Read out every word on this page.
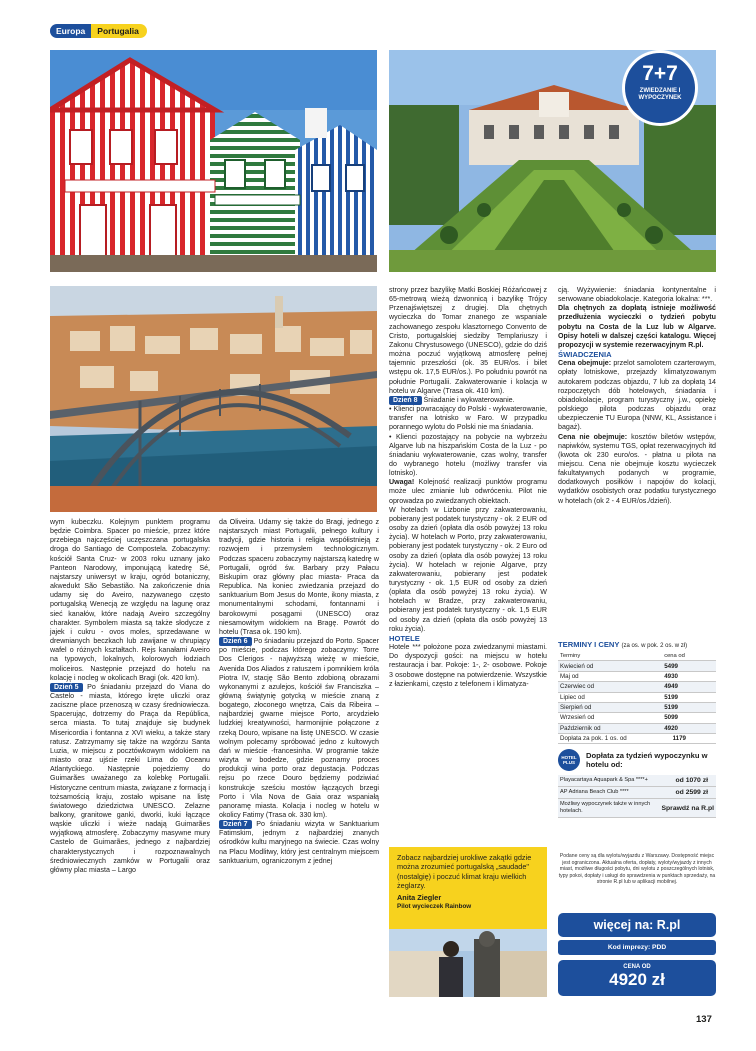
Europa	Portugalia
7+7
ZWIEDZANIE I WYPOCZYNEK

wym kubeczku. Kolejnym punktem programu będzie Coimbra. Spacer po mieście, przez które przebiega najczęściej uczęszczana portugalska droga do Santiago de Compostela. Zobaczymy: kościół Santa Cruz- w 2003 roku uznany jako Panteon Narodowy, imponującą katedrę Sé, najstarszy uniwersyt w kraju, ogród botaniczny, akwedukt São Sebastião. Na zakończenie dnia udamy się do Aveiro, nazywanego często portugalską Wenecją ze względu na lagunę oraz sieć kanałów, które nadają Aveiro szczególny charakter. Symbolem miasta są także słodycze z jajek i cukru - ovos moles, sprzedawane w drewnianych beczkach lub zawijane w chrupiący wafel o różnych kształtach. Rejs kanałami Aveiro na typowych, lokalnych, kolorowych łodziach moliceiros. Następnie przejazd do hotelu na kolację i nocleg w okolicach Bragi (ok. 420 km).

Dzień 5 Po śniadaniu przejazd do Viana do Castelo - miasta, którego kręte uliczki oraz zaciszne place przenoszą w czasy średniowiecza. Spacerując, dotrzemy do Praça da República, serca miasta. To tutaj znajduje się budynek Misericordia i fontanna z XVI wieku, a także stary ratusz. Zatrzymamy się także na wzgórzu Santa Luzia, w miejscu z pocztówkowym widokiem na miasto oraz ujście rzeki Lima do Oceanu Atlantyckiego. Następnie pojedziemy do Guimarães uważanego za kolebkę Portugalii. Historyczne centrum miasta, związane z formacją i tożsamością kraju, zostało wpisane na listę światowego dziedzictwa UNESCO. Zelazne balkony, granitowe ganki, dworki, kuki łączące wąskie uliczki i wieże nadają Guimarães wyjątkową atmosferę. Zobaczymy masywne mury Castelo de Guimarães, jednego z najbardziej charakterystycznych i rozpoznawalnych średniowiecznych zamków w Portugalii oraz główny plac miasta – Largo

da Oliveira. Udamy się także do Bragi, jednego z najstarszych miast Portugalii, pełnego kultury i tradycji, gdzie historia i religia współistnieją z rozwojem i przemysłem technologicznym. Podczas spaceru zobaczymy najstarszą katedrę w Portugalii, ogród św. Barbary przy Pałacu Biskupim oraz główny plac miasta- Praca da Republica. Na koniec zwiedzania przejazd do sanktuarium Bom Jesus do Monte, ikony miasta, z monumentalnymi schodami, fontannami i barokowymi posągami (UNESCO) oraz niesamowitym widokiem na Bragę. Powrót do hotelu (Trasa ok. 190 km).

Dzień 6 Po śniadaniu przejazd do Porto. Spacer po mieście, podczas którego zobaczymy: Torre Dos Clerigos - najwyższą wieżę w mieście, Avenida Dos Aliados z ratuszem i pomnikiem króla Piotra IV, stację São Bento zdobioną obrazami wykonanymi z azulejos, kościół św Franciszka –główną świątynię gotycką w mieście znaną z bogatego, złoconego wnętrza, Cais da Ribeira – najbardziej gwarne miejsce Porto, arcydzieło ludzkiej kreatywności, harmonijnie połączone z rzeką Douro, wpisane na listę UNESCO. W czasie wolnym polecamy spróbować jedno z kultowych dań w mieście -francesinha. W programie także wizyta w bodedze, gdzie poznamy proces produkcji wina porto oraz degustacja. Podczas rejsu po rzece Douro będziemy podziwiać konstrukcje sześciu mostów łączących brzegi Porto i Vila Nova de Gaia oraz wspaniałą panoramę miasta. Kolacja i nocleg w hotelu w okolicy Fatimy (Trasa ok. 330 km).

Dzień 7 Po śniadaniu wizyta w Sanktuarium Fatimskim, jednym z najbardziej znanych ośrodków kultu maryjnego na świecie. Czas wolny na Placu Modlitwy, który jest centralnym miejscem sanktuarium, ograniczonym z jednej

strony przez bazylikę Matki Boskiej Różańcowej z 65-metrową wieżą dzwonnicą i bazylikę Trójcy Przenajświętszej z drugiej. Dla chętnych wycieczka do Tomar znanego ze wspaniale zachowanego zespołu klasztornego Convento de Cristo, portugalskiej siedziby Templariuszy i Zakonu Chrystusowego (UNESCO), gdzie do dziś można poczuć wyjątkową atmosferę pełnej tajemnic przeszłości (ok. 35 EUR/os. i bilet wstępu ok. 17,5 EUR/os.). Po południu powrót na południe Portugalii. Zakwaterowanie i kolacja w hotelu w Algarve (Trasa ok. 410 km).

Dzień 8 Śniadanie i wykwaterowanie.

• Klienci powracający do Polski - wykwaterowanie, transfer na lotnisko w Faro. W przypadku porannego wylotu do Polski nie ma śniadania.

• Klienci pozostający na pobycie na wybrzeżu Algarve lub na hiszpańskim Costa de la Luz - po śniadaniu wykwaterowanie, czas wolny, transfer do wybranego hotelu (możliwy transfer via lotnisko).

Uwaga! Kolejność realizacji punktów programu może ulec zmianie lub odwróceniu. Pilot nie oprowadza po zwiedzanych obiektach.

W hotelach w Lizbonie przy zakwaterowaniu, pobierany jest podatek turystyczny - ok. 2 EUR od osoby za dzień (opłata dla osób powyżej 13 roku życia). W hotelach w Porto, przy zakwaterowaniu, pobierany jest podatek turystyczny - ok. 2 Euro od osoby za dzień (opłata dla osób powyżej 13 roku życia). W hotelach w rejonie Algarve, przy zakwaterowaniu, pobierany jest podatek turystyczny - ok. 1,5 EUR od osoby za dzień (opłata dla osób powyżej 13 roku życia). W hotelach w Bradze, przy zakwaterowaniu, pobierany jest podatek turystyczny - ok. 1,5 EUR od osoby za dzień (opłata dla osób powyżej 13 roku życia).

HOTELE

Hotele *** położone poza zwiedzanymi miastami. Do dyspozycji gości: na miejscu w hotelu restauracja i bar. Pokoje: 1-, 2- osobowe. Pokoje 3 osobowe dostępne na potwierdzenie. Wszystkie z łazienkami, często z telefonem i klimatyza-

Zobacz najbardziej urokliwe zakątki gdzie można zrozumieć portugalską „saudade" (nostalgię) i poczuć klimat kraju wielkich żeglarzy.
Anita Ziegler
Pilot wycieczek Rainbow

cją. Wyżywienie: śniadania kontynentalne i serwowane obiadokolacje. Kategoria lokalna: ***.

Dla chętnych za dopłatą istnieje możliwość przedłużenia wycieczki o tydzień pobytu pobytu na Costa de la Luz lub w Algarve. Opisy hoteli w dalszej części katalogu. Więcej propozycji w systemie rezerwacyjnym R.pl.

ŚWIADCZENIA

Cena obejmuje: przelot samolotem czarterowym, opłaty lotniskowe, przejazdy klimatyzowanym autokarem podczas objazdu, 7 lub za dopłatą 14 rozpoczętych dób hotelowych, śniadania i obiadokolacje, program turystyczny j.w., opiekę polskiego pilota podczas objazdu oraz ubezpieczenie TU Europa (NNW, KL, Assistance i bagaż).

Cena nie obejmuje: kosztów biletów wstępów, napiwków, systemu TGS, opłat rezerwacyjnych itd (kwota ok 230 euro/os. - płatna u pilota na miejscu. Cena nie obejmuje kosztu wycieczek fakultatywnych podanych w programie, dodatkowych posiłków i napojów do kolacji, wydatków osobistych oraz podatku turystycznego w hotelach (ok 2 - 4 EUR/os./dzień).

TERMINY I CENY (za os. w pok. 2 os. w zł)
Terminy	cena od
Kwiecień od	5499
Maj od	4930
Czerwiec od	4949
Lipiec od	5199
Sierpień od	5199
Wrzesień od	5099
Październik od	4920
Dopłata za pok. 1 os. od	1179
HOTEL PLUS
Dopłata za tydzień wypoczynku w hotelu od:
Playacartaya Aquapark & Spa ****+	od 1070 zł
AP Adriana Beach Club ****	od 2599 zł
Możliwy wypoczynek także w innych hotelach.	Sprawdź na R.pl
Podane ceny są dla wylotu/wyjazdu z Warszawy. Dostępność miejsc jest ograniczona. Aktualna oferta, dopłaty, wyloty/wyjazdy z innych miast, możliwe długości pobytu, dni wylotu z poszczególnych lotnisk, typy pokoi, dopłaty i usługi do sprawdzenia w punktach sprzedaży, na stronie R.pl lub w aplikacji mobilnej.
więcej na: R.pl
Kod imprezy: PDD
CENA OD
4920 zł
137
